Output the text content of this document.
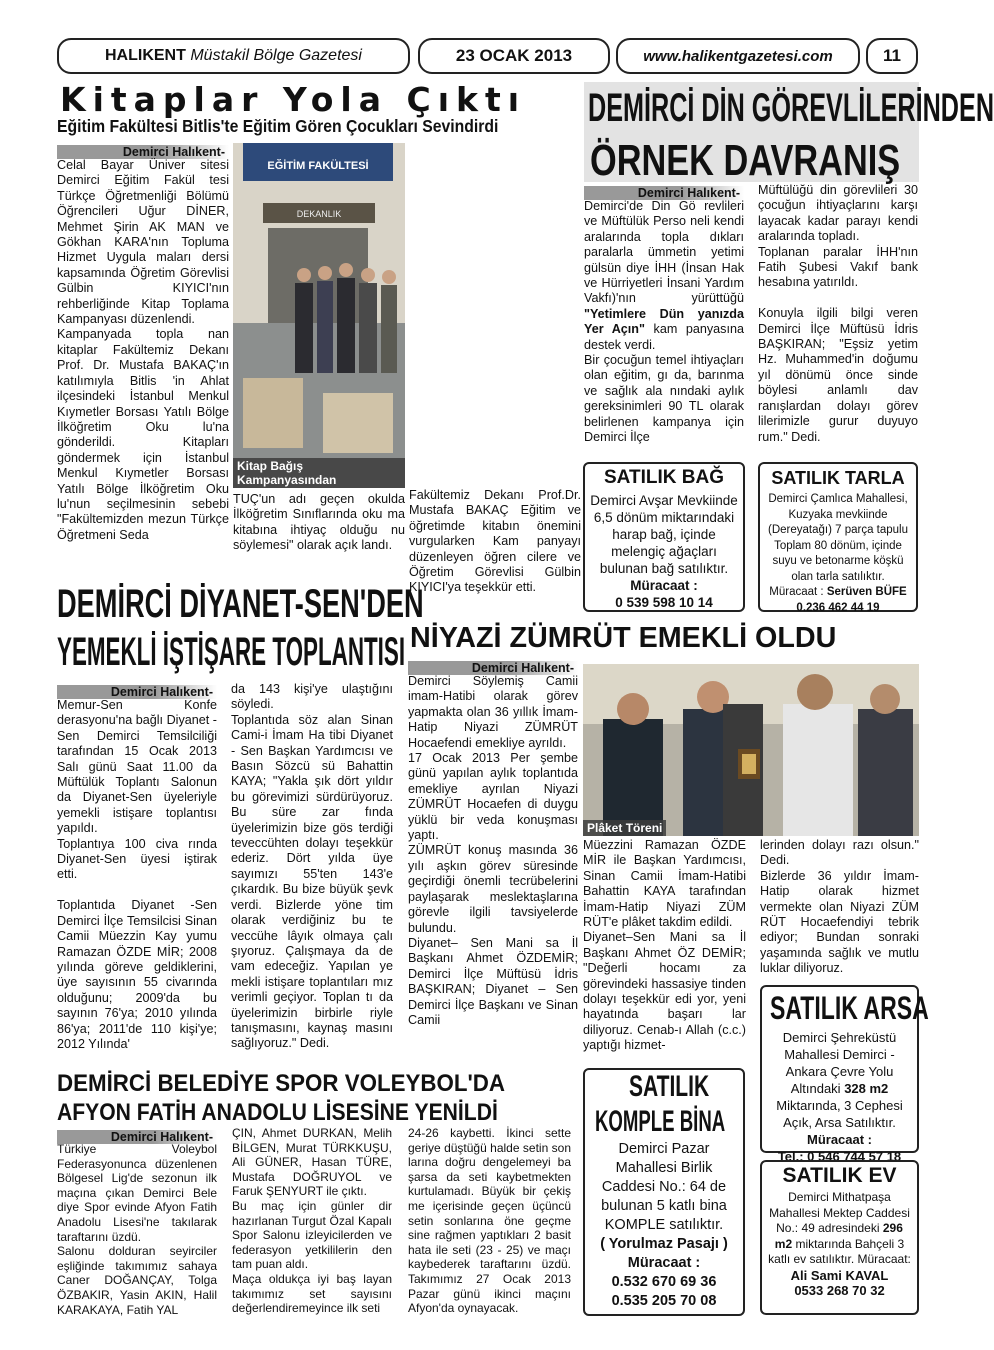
HALIKENT
Müstakil Bölge Gazetesi	23 OCAK 2013	www.halikentgazetesi.com	11
Kitaplar Yola Çıktı
Eğitim Fakültesi Bitlis'te Eğitim Gören Çocukları Sevindirdi
Demirci Halıkent-
Celal Bayar Üniver sitesi Demirci Eğitim Fakül tesi Türkçe Öğretmenliği Bölümü Öğrencileri Uğur DİNER, Mehmet Şirin AK MAN ve Gökhan KARA'nın Topluma Hizmet Uygula maları dersi kapsamında Öğretim Görevlisi Gülbin KIYICI'nın rehberliğinde Kitap Toplama Kampanyası düzenlendi.
Kampanyada topla nan kitaplar Fakültemiz Dekanı Prof. Dr. Mustafa BAKAÇ'ın katılımıyla Bitlis 'in Ahlat ilçesindeki İstanbul Menkul Kıymetler Borsası Yatılı Bölge İlköğretim Oku lu'na gönderildi. Kitapları göndermek için İstanbul Menkul Kıymetler Borsası Yatılı Bölge İlköğretim Oku lu'nun seçilmesinin sebebi "Fakültemizden mezun Türkçe Öğretmeni Seda
EĞİTİM FAKÜLTESİ
DEKANLIK
Kitap Bağış Kampanyasından
TUÇ'un adı geçen okulda İlköğretim Sınıflarında oku ma kitabına ihtiyaç olduğu nu söylemesi" olarak açık landı.
Fakültemiz Dekanı Prof.Dr. Mustafa BAKAÇ Eğitim ve öğretimde kitabın önemini vurgularken Kam panyayı düzenleyen öğren cilere ve Öğretim Görevlisi Gülbin KIYICI'ya teşekkür etti.
DEMİRCİ DİN GÖREVLİLERİNDEN
ÖRNEK DAVRANIŞ
Demirci Halıkent-
Demirci'de Din Gö revlileri ve Müftülük Perso neli kendi aralarında topla dıkları paralarla ümmetin yetimi gülsün diye İHH (İnsan Hak ve Hürriyetleri İnsani Yardım Vakfı)'nın yürüttüğü "Yetimlere Dün yanızda Yer Açın" kam panyasına destek verdi.
Bir çocuğun temel ihtiyaçları olan eğitim, gı da, barınma ve sağlık ala nındaki aylık gereksinimleri 90 TL olarak belirlenen kampanya için Demirci İlçe
Müftülüğü din görevlileri 30 çocuğun ihtiyaçlarını karşı layacak kadar parayı kendi aralarında topladı.
Toplanan paralar İHH'nın Fatih Şubesi Vakıf bank hesabına yatırıldı.

Konuyla ilgili bilgi veren Demirci İlçe Müftüsü İdris BAŞKIRAN; "Eşsiz yetim Hz. Muhammed'in doğumu yıl dönümü önce sinde böylesi anlamlı dav ranışlardan dolayı görev lilerimizle gurur duyuyo rum." Dedi.
SATILIK BAĞ
Demirci Avşar Mevkiinde 6,5 dönüm miktarındaki harap bağ, içinde melengiç ağaçları bulunan bağ satılıktır.
Müracaat :
0 539 598 10 14
SATILIK TARLA
Demirci Çamlıca Mahallesi, Kuzyaka mevkiinde (Dereyatağı) 7 parça tapulu Toplam 80 dönüm, içinde suyu ve betonarme köşkü olan tarla satılıktır.
Müracaat : Serüven BÜFE
0.236 462 44 19
DEMİRCİ DİYANET-SEN'DEN
YEMEKLİ İŞTİŞARE TOPLANTISI
Demirci Halıkent-
Memur-Sen Konfe derasyonu'na bağlı Diyanet -Sen Demirci Temsilciliği tarafından 15 Ocak 2013 Salı günü Saat 11.00 da Müftülük Toplantı Salonun da Diyanet-Sen üyeleriyle yemekli istişare toplantısı yapıldı.
Toplantıya 100 civa rında Diyanet-Sen üyesi iştirak etti.

Toplantıda Diyanet -Sen Demirci İlçe Temsilcisi Sinan Camii Müezzin Kay yumu Ramazan ÖZDE MİR; 2008 yılında göreve geldiklerini, üye sayısının 55 civarında olduğunu; 2009'da bu sayının 76'ya; 2010 yılında 86'ya; 2011'de 110 kişi'ye; 2012 Yılında'
da 143 kişi'ye ulaştığını söyledi.
Toplantıda söz alan Sinan Cami-i İmam Ha tibi Diyanet - Sen Başkan Yardımcısı ve Basın Sözcü sü Bahattin KAYA; "Yakla şık dört yıldır bu görevimizi sürdürüyoruz. Bu süre zar fında üyelerimizin bize gös terdiği teveccühten dolayı teşekkür ederiz. Dört yılda üye sayımızı 55'ten 143'e çıkardık. Bu bize büyük şevk verdi. Bizlerde yöne tim olarak verdiğiniz bu te veccühe lâyık olmaya çalı şıyoruz. Çalışmaya da de vam edeceğiz. Yapılan ye mekli istişare toplantıları mız verimli geçiyor. Toplan tı da üyelerimizin birbirle riyle tanışmasını, kaynaş masını sağlıyoruz." Dedi.
NİYAZİ ZÜMRÜT EMEKLİ OLDU
Demirci Halıkent-
Demirci Söylemiş Camii imam-Hatibi olarak görev yapmakta olan 36 yıllık İmam-Hatip Niyazi ZÜMRÜT Hocaefendi emekliye ayrıldı.
17 Ocak 2013 Per şembe günü yapılan aylık toplantıda emekliye ayrılan Niyazi ZÜMRÜT Hocaefen di duygu yüklü bir veda konuşması yaptı.
ZÜMRÜT konuş masında 36 yılı aşkın görev süresinde geçirdiği önemli tecrübelerini paylaşarak meslektaşlarına görevle ilgili tavsiyelerde bulundu.
Diyanet– Sen Mani sa İl Başkanı Ahmet ÖZDEMİR; Demirci İlçe Müftüsü İdris BAŞKIRAN; Diyanet – Sen Demirci İlçe Başkanı ve Sinan Camii
Plâket Töreni
Müezzini Ramazan ÖZDE MİR ile Başkan Yardımcısı, Sinan Camii İmam-Hatibi Bahattin KAYA tarafından İmam-Hatip Niyazi ZÜM RÜT'e plâket takdim edildi.
Diyanet–Sen Mani sa İl Başkanı Ahmet ÖZ DEMİR; "Değerli hocamı za görevindeki hassasiye tinden dolayı teşekkür edi yor, yeni hayatında başarı lar diliyoruz. Cenab-ı Allah (c.c.) yaptığı hizmet-
lerinden dolayı razı olsun." Dedi.
Bizlerde 36 yıldır İmam-Hatip olarak hizmet vermekte olan Niyazi ZÜM RÜT Hocaefendiyi tebrik ediyor; Bundan sonraki yaşamında sağlık ve mutlu luklar diliyoruz.
SATILIK ARSA
Demirci Şehreküstü Mahallesi Demirci - Ankara Çevre Yolu Altındaki 328 m2 Miktarında, 3 Cephesi Açık, Arsa Satılıktır.
Müracaat :
Tel.: 0 546 744 57 18
SATILIK EV
Demirci Mithatpaşa Mahallesi Mektep Caddesi No.: 49 adresindeki 296 m2 miktarında Bahçeli 3 katlı ev satılıktır. Müracaat:
Ali Sami KAVAL
0533 268 70 32
DEMİRCİ BELEDİYE SPOR VOLEYBOL'DA
AFYON FATİH ANADOLU LİSESİNE YENİLDİ
Demirci Halıkent-
Türkiye Voleybol Federasyonunca düzenlenen Bölgesel Lig'de sezonun ilk maçına çıkan Demirci Bele diye Spor evinde Afyon Fatih Anadolu Lisesi'ne takılarak taraftarını üzdü.
Salonu dolduran seyirciler eşliğinde takımımız sahaya Caner DOĞANÇAY, Tolga ÖZBAKIR, Yasin AKIN, Halil KARAKAYA, Fatih YAL
ÇIN, Ahmet DURKAN, Melih BİLGEN, Murat TÜRKKUŞU, Ali GÜNER, Hasan TÜRE, Mustafa DOĞRUYOL ve Faruk ŞENYURT ile çıktı.
Bu maç için günler dir hazırlanan Turgut Özal Kapalı Spor Salonu izleyicilerden ve federasyon yetkililerin den tam puan aldı.
Maça oldukça iyi baş layan takımımız set sayısını değerlendiremeyince ilk seti
24-26 kaybetti. İkinci sette geriye düştüğü halde setin son larına doğru dengelemeyi ba şarsa da seti kaybetmekten kurtulamadı. Büyük bir çekiş me içerisinde geçen üçüncü setin sonlarına öne geçme sine rağmen yaptıkları 2 basit hata ile seti (23 - 25) ve maçı kaybederek taraftarını üzdü. Takımımız 27 Ocak 2013 Pazar günü ikinci maçını Afyon'da oynayacak.
SATILIK
KOMPLE BİNA
Demirci Pazar Mahallesi Birlik Caddesi No.: 64 de bulunan 5 katlı bina KOMPLE satılıktır.
( Yorulmaz Pasajı )
Müracaat :
0.532 670 69 36
0.535 205 70 08
